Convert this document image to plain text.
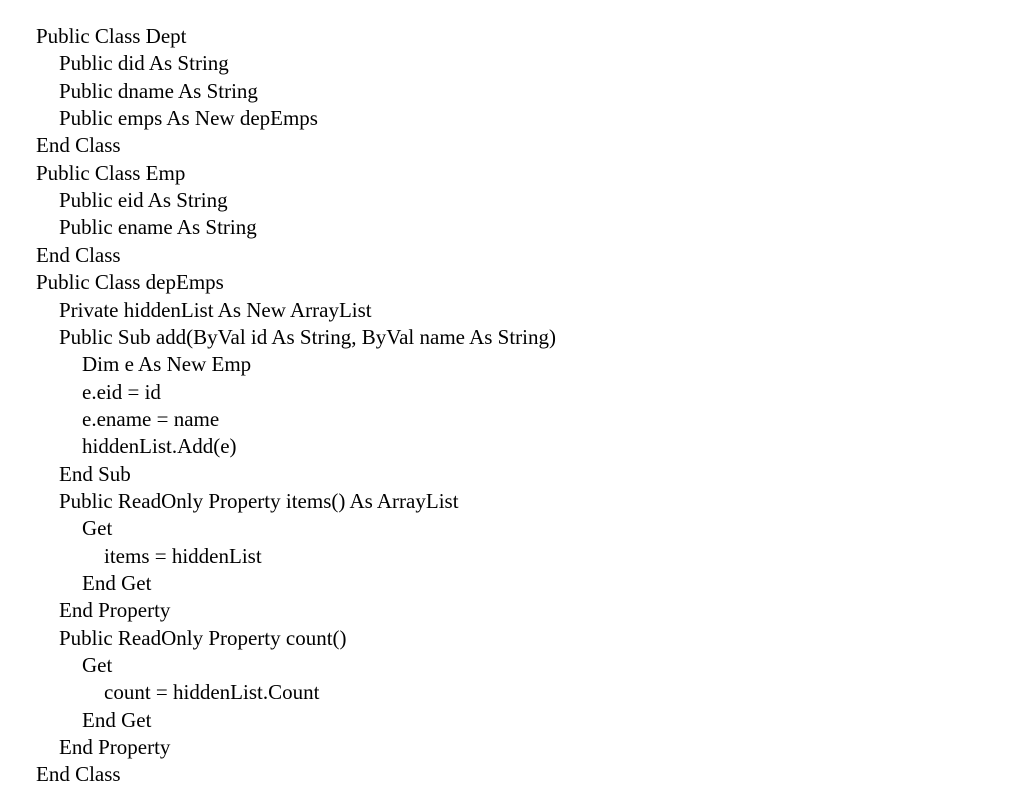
Public Class Dept
Public did As String
Public dname As String
Public emps As New depEmps
End Class
Public Class Emp
Public eid As String
Public ename As String
End Class
Public Class depEmps
Private hiddenList As New ArrayList
Public Sub add(ByVal id As String, ByVal name As String)
Dim e As New Emp
e.eid = id
e.ename = name
hiddenList.Add(e)
End Sub
Public ReadOnly Property items() As ArrayList
Get
items = hiddenList
End Get
End Property
Public ReadOnly Property count()
Get
count = hiddenList.Count
End Get
End Property
End Class
